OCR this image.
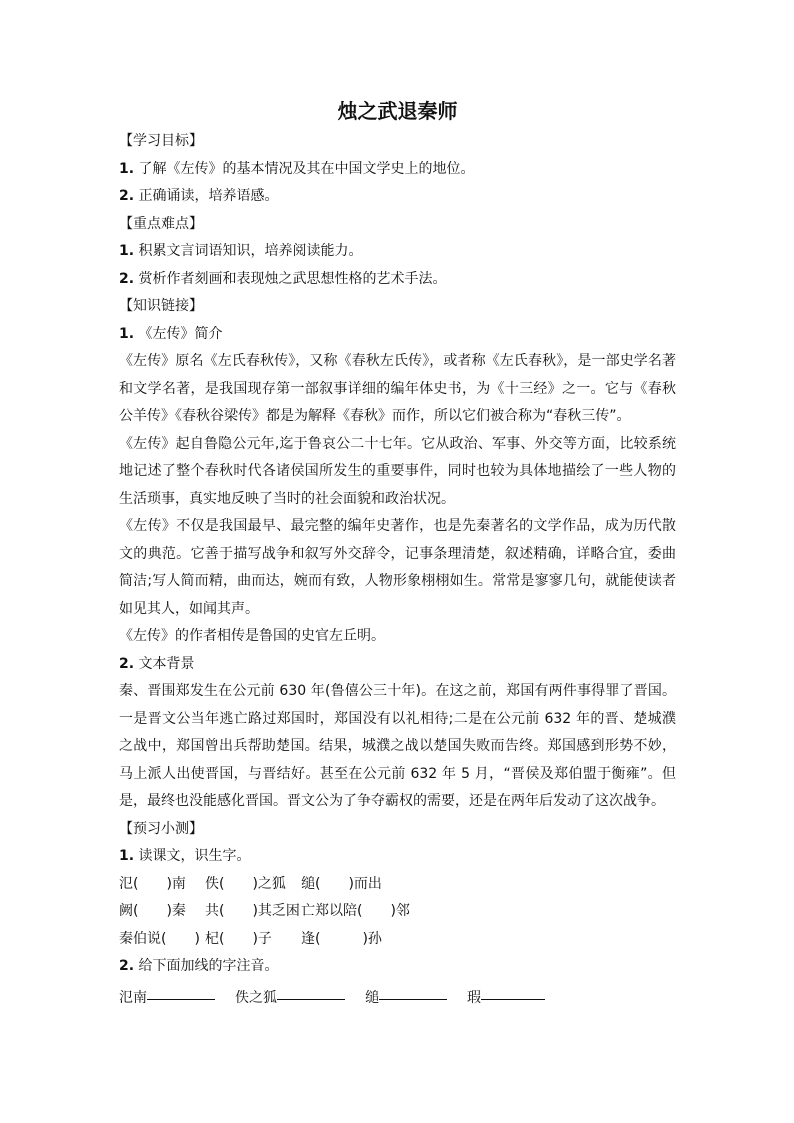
烛之武退秦师

【学习目标】

1. 了解《左传》的基本情况及其在中国文学史上的地位。

2. 正确诵读，培养语感。

【重点难点】

1. 积累文言词语知识，培养阅读能力。

2. 赏析作者刻画和表现烛之武思想性格的艺术手法。

【知识链接】

1. 《左传》简介

《左传》原名《左氏春秋传》，又称《春秋左氏传》，或者称《左氏春秋》，是一部史学名著和文学名著，是我国现存第一部叙事详细的编年体史书，为《十三经》之一。它与《春秋公羊传》《春秋谷梁传》都是为解释《春秋》而作，所以它们被合称为“春秋三传”。

《左传》起自鲁隐公元年,迄于鲁哀公二十七年。它从政治、军事、外交等方面，比较系统地记述了整个春秋时代各诸侯国所发生的重要事件，同时也较为具体地描绘了一些人物的生活琐事，真实地反映了当时的社会面貌和政治状况。

《左传》不仅是我国最早、最完整的编年史著作，也是先秦著名的文学作品，成为历代散文的典范。它善于描写战争和叙写外交辞令，记事条理清楚，叙述精确，详略合宜，委曲简洁;写人简而精，曲而达，婉而有致，人物形象栩栩如生。常常是寥寥几句，就能使读者如见其人，如闻其声。

《左传》的作者相传是鲁国的史官左丘明。

2. 文本背景

秦、晋围郑发生在公元前 630 年(鲁僖公三十年)。在这之前，郑国有两件事得罪了晋国。一是晋文公当年逃亡路过郑国时，郑国没有以礼相待;二是在公元前 632 年的晋、楚城濮之战中，郑国曾出兵帮助楚国。结果，城濮之战以楚国失败而告终。郑国感到形势不妙，马上派人出使晋国，与晋结好。甚至在公元前 632 年 5 月，“晋侯及郑伯盟于衡雍”。但是，最终也没能感化晋国。晋文公为了争夺霸权的需要，还是在两年后发动了这次战争。

【预习小测】

1. 读课文，识生字。

氾(　　)南	佚(　　)之狐	缒(　　)而出
阙(　　)秦	共(　　)其乏困 亡郑以陪(　　)邻
秦伯说(　　) 杞(　　)子	逢(　　　)孙

2. 给下面加线的字注音。

氾南	佚之狐	缒	瑕
